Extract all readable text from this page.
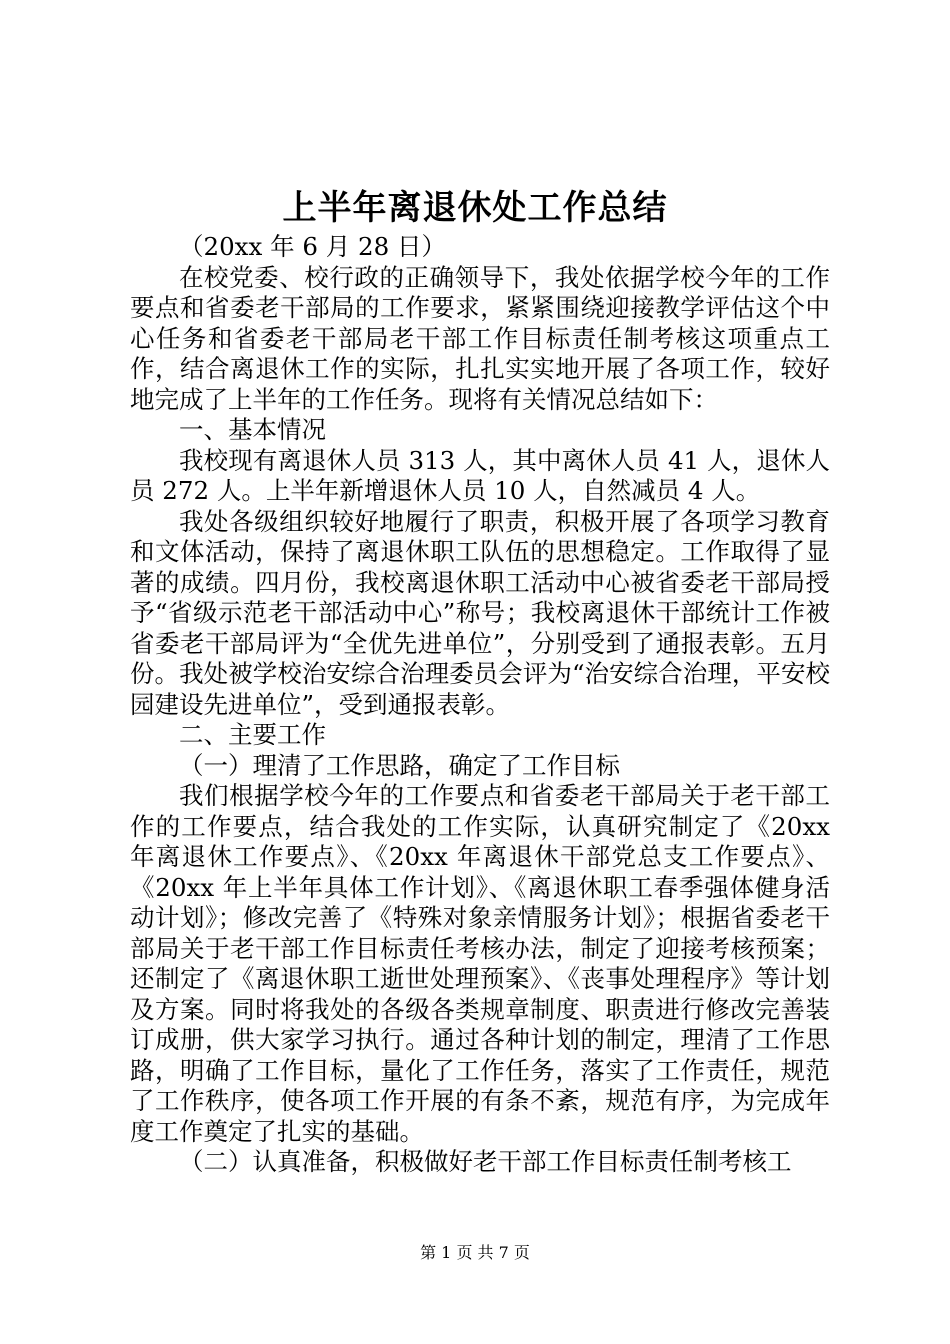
上半年离退休处工作总结

（20xx 年 6 月 28 日）

在校党委、校行政的正确领导下，我处依据学校今年的工作要点和省委老干部局的工作要求，紧紧围绕迎接教学评估这个中心任务和省委老干部局老干部工作目标责任制考核这项重点工作，结合离退休工作的实际，扎扎实实地开展了各项工作，较好地完成了上半年的工作任务。现将有关情况总结如下：

一、基本情况

我校现有离退休人员 313 人，其中离休人员 41 人，退休人员 272 人。上半年新增退休人员 10 人，自然减员 4 人。

我处各级组织较好地履行了职责，积极开展了各项学习教育和文体活动，保持了离退休职工队伍的思想稳定。工作取得了显著的成绩。四月份，我校离退休职工活动中心被省委老干部局授予“省级示范老干部活动中心”称号；我校离退休干部统计工作被省委老干部局评为“全优先进单位”，分别受到了通报表彰。五月份。我处被学校治安综合治理委员会评为“治安综合治理，平安校园建设先进单位”，受到通报表彰。

二、主要工作

（一）理清了工作思路，确定了工作目标

我们根据学校今年的工作要点和省委老干部局关于老干部工作的工作要点，结合我处的工作实际，认真研究制定了《20xx 年离退休工作要点》、《20xx 年离退休干部党总支工作要点》、《20xx 年上半年具体工作计划》、《离退休职工春季强体健身活动计划》；修改完善了《特殊对象亲情服务计划》；根据省委老干部局关于老干部工作目标责任考核办法，制定了迎接考核预案；还制定了《离退休职工逝世处理预案》、《丧事处理程序》等计划及方案。同时将我处的各级各类规章制度、职责进行修改完善装订成册，供大家学习执行。通过各种计划的制定，理清了工作思路，明确了工作目标，量化了工作任务，落实了工作责任，规范了工作秩序，使各项工作开展的有条不紊，规范有序，为完成年度工作奠定了扎实的基础。

（二）认真准备，积极做好老干部工作目标责任制考核工

第 1 页 共 7 页
